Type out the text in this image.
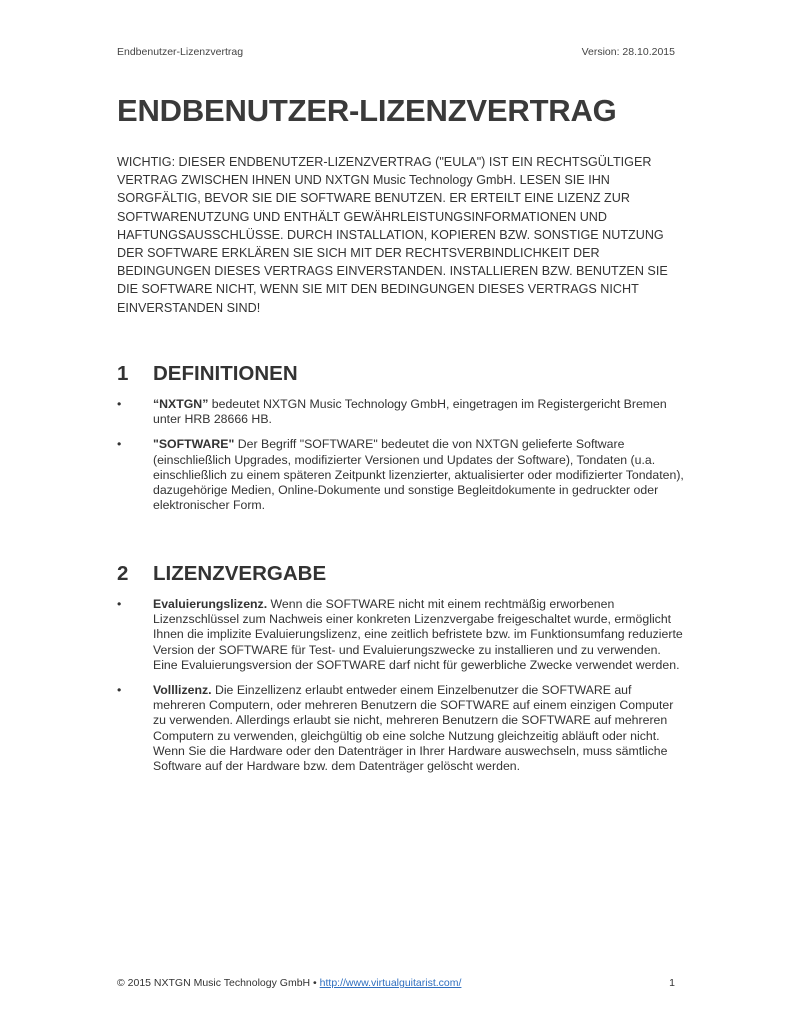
Endbenutzer-Lizenzvertrag	Version: 28.10.2015
ENDBENUTZER-LIZENZVERTRAG

WICHTIG: DIESER ENDBENUTZER-LIZENZVERTRAG ("EULA") IST EIN RECHTSGÜLTIGER VERTRAG ZWISCHEN IHNEN UND NXTGN Music Technology GmbH. LESEN SIE IHN SORGFÄLTIG, BEVOR SIE DIE SOFTWARE BENUTZEN. ER ERTEILT EINE LIZENZ ZUR SOFTWARENUTZUNG UND ENTHÄLT GEWÄHRLEISTUNGSINFORMATIONEN UND HAFTUNGSAUSSCHLÜSSE. DURCH INSTALLATION, KOPIEREN BZW. SONSTIGE NUTZUNG DER SOFTWARE ERKLÄREN SIE SICH MIT DER RECHTSVERBINDLICHKEIT DER BEDINGUNGEN DIESES VERTRAGS EINVERSTANDEN. INSTALLIEREN BZW. BENUTZEN SIE DIE SOFTWARE NICHT, WENN SIE MIT DEN BEDINGUNGEN DIESES VERTRAGS NICHT EINVERSTANDEN SIND!

1 DEFINITIONEN
•	“NXTGN” bedeutet NXTGN Music Technology GmbH, eingetragen im Registergericht Bremen unter HRB 28666 HB.
•	"SOFTWARE" Der Begriff "SOFTWARE" bedeutet die von NXTGN gelieferte Software (einschließlich Upgrades, modifizierter Versionen und Updates der Software), Tondaten (u.a. einschließlich zu einem späteren Zeitpunkt lizenzierter, aktualisierter oder modifizierter Tondaten), dazugehörige Medien, Online-Dokumente und sonstige Begleitdokumente in gedruckter oder elektronischer Form.
2 LIZENZVERGABE
•	Evaluierungslizenz. Wenn die SOFTWARE nicht mit einem rechtmäßig erworbenen Lizenzschlüssel zum Nachweis einer konkreten Lizenzvergabe freigeschaltet wurde, ermöglicht Ihnen die implizite Evaluierungslizenz, eine zeitlich befristete bzw. im Funktionsumfang reduzierte Version der SOFTWARE für Test- und Evaluierungszwecke zu installieren und zu verwenden. Eine Evaluierungsversion der SOFTWARE darf nicht für gewerbliche Zwecke verwendet werden.
•	Volllizenz. Die Einzellizenz erlaubt entweder einem Einzelbenutzer die SOFTWARE auf mehreren Computern, oder mehreren Benutzern die SOFTWARE auf einem einzigen Computer zu verwenden. Allerdings erlaubt sie nicht, mehreren Benutzern die SOFTWARE auf mehreren Computern zu verwenden, gleichgültig ob eine solche Nutzung gleichzeitig abläuft oder nicht. Wenn Sie die Hardware oder den Datenträger in Ihrer Hardware auswechseln, muss sämtliche Software auf der Hardware bzw. dem Datenträger gelöscht werden.
© 2015 NXTGN Music Technology GmbH • http://www.virtualguitarist.com/	1
